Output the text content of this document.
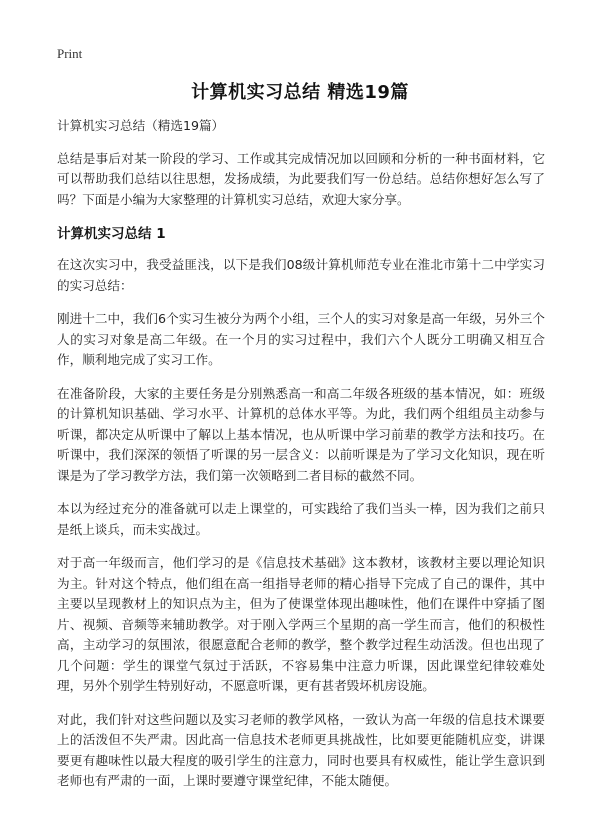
Print
计算机实习总结 精选19篇

计算机实习总结（精选19篇）

总结是事后对某一阶段的学习、工作或其完成情况加以回顾和分析的一种书面材料，它可以帮助我们总结以往思想，发扬成绩，为此要我们写一份总结。总结你想好怎么写了吗？下面是小编为大家整理的计算机实习总结，欢迎大家分享。

计算机实习总结 1

在这次实习中，我受益匪浅，以下是我们08级计算机师范专业在淮北市第十二中学实习的实习总结：

刚进十二中，我们6个实习生被分为两个小组，三个人的实习对象是高一年级，另外三个人的实习对象是高二年级。在一个月的实习过程中，我们六个人既分工明确又相互合作，顺利地完成了实习工作。

在准备阶段，大家的主要任务是分别熟悉高一和高二年级各班级的基本情况，如：班级的计算机知识基础、学习水平、计算机的总体水平等。为此，我们两个组组员主动参与听课，都决定从听课中了解以上基本情况，也从听课中学习前辈的教学方法和技巧。在听课中，我们深深的领悟了听课的另一层含义：以前听课是为了学习文化知识，现在听课是为了学习教学方法，我们第一次领略到二者目标的截然不同。

本以为经过充分的准备就可以走上课堂的，可实践给了我们当头一棒，因为我们之前只是纸上谈兵，而未实战过。

对于高一年级而言，他们学习的是《信息技术基础》这本教材，该教材主要以理论知识为主。针对这个特点，他们组在高一组指导老师的精心指导下完成了自己的课件，其中主要以呈现教材上的知识点为主，但为了使课堂体现出趣味性，他们在课件中穿插了图片、视频、音频等来辅助教学。对于刚入学两三个星期的高一学生而言，他们的积极性高，主动学习的氛围浓，很愿意配合老师的教学，整个教学过程生动活泼。但也出现了几个问题：学生的课堂气氛过于活跃，不容易集中注意力听课，因此课堂纪律较难处理，另外个别学生特别好动，不愿意听课，更有甚者毁坏机房设施。

对此，我们针对这些问题以及实习老师的教学风格，一致认为高一年级的信息技术课要上的活泼但不失严肃。因此高一信息技术老师更具挑战性，比如要更能随机应变，讲课要更有趣味性以最大程度的吸引学生的注意力，同时也要具有权威性，能让学生意识到老师也有严肃的一面，上课时要遵守课堂纪律，不能太随便。
